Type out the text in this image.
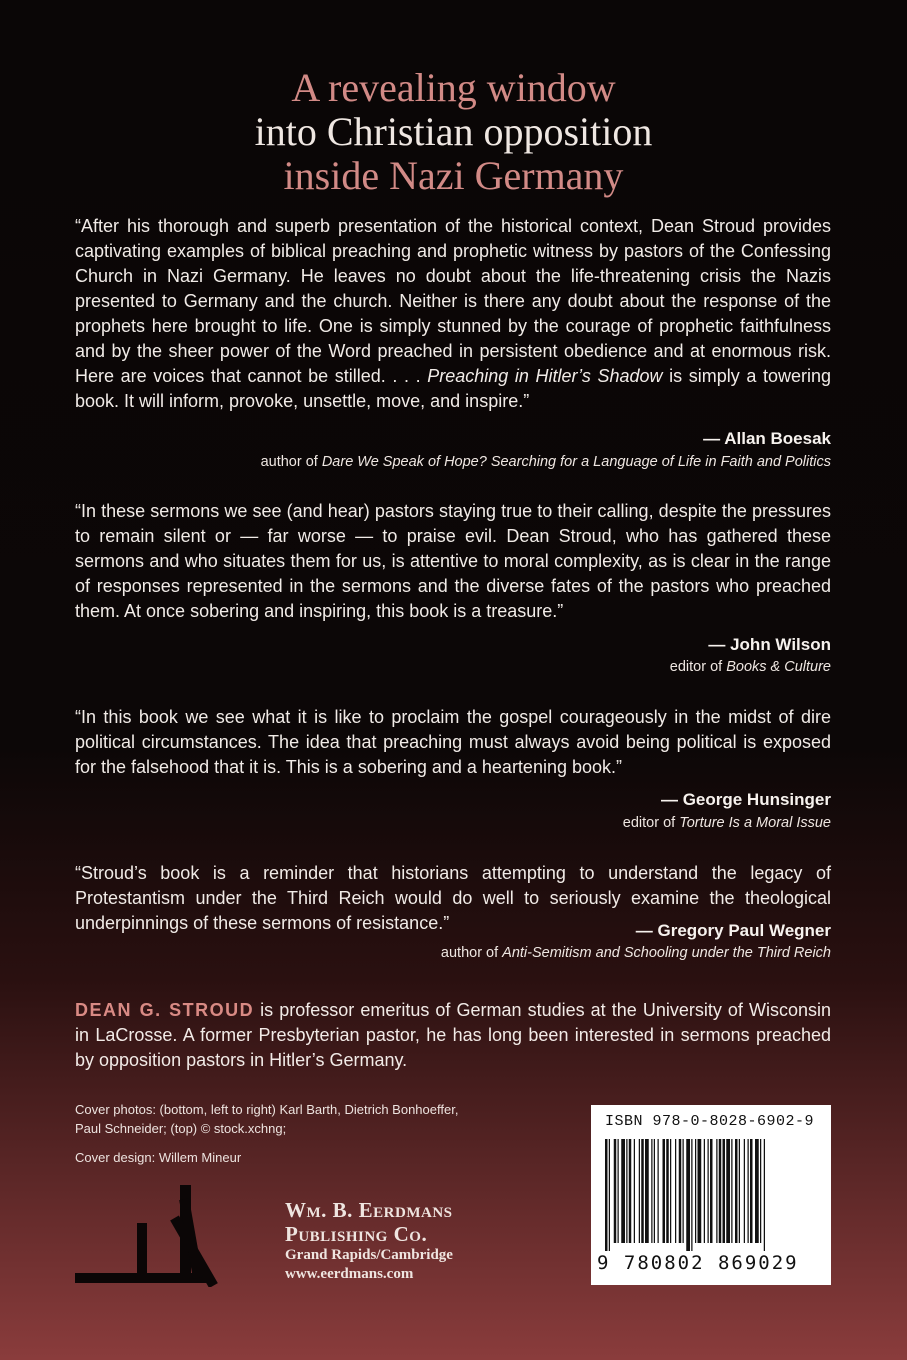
A revealing window
into Christian opposition
inside Nazi Germany
“After his thorough and superb presentation of the historical context, Dean Stroud provides captivating examples of biblical preaching and prophetic witness by pastors of the Confessing Church in Nazi Germany. He leaves no doubt about the life-threatening crisis the Nazis presented to Germany and the church. Neither is there any doubt about the response of the prophets here brought to life. One is simply stunned by the courage of prophetic faithfulness and by the sheer power of the Word preached in persistent obedience and at enormous risk. Here are voices that cannot be stilled. . . . Preaching in Hitler’s Shadow is simply a towering book. It will inform, provoke, unsettle, move, and inspire.”
— Allan Boesak
author of Dare We Speak of Hope? Searching for a Language of Life in Faith and Politics
“In these sermons we see (and hear) pastors staying true to their calling, despite the pressures to remain silent or — far worse — to praise evil. Dean Stroud, who has gathered these sermons and who situates them for us, is attentive to moral complexity, as is clear in the range of responses represented in the sermons and the diverse fates of the pastors who preached them. At once sobering and inspiring, this book is a treasure.”
— John Wilson
editor of Books & Culture
“In this book we see what it is like to proclaim the gospel courageously in the midst of dire political circumstances. The idea that preaching must always avoid being political is exposed for the falsehood that it is. This is a sobering and a heartening book.”
— George Hunsinger
editor of Torture Is a Moral Issue
“Stroud’s book is a reminder that historians attempting to understand the legacy of Protestantism under the Third Reich would do well to seriously examine the theological underpinnings of these sermons of resistance.”	— Gregory Paul Wegner
author of Anti-Semitism and Schooling under the Third Reich
DEAN G. STROUD is professor emeritus of German studies at the University of Wisconsin in LaCrosse. A former Presbyterian pastor, he has long been interested in sermons preached by opposition pastors in Hitler’s Germany.
Cover photos: (bottom, left to right) Karl Barth, Dietrich Bonhoeffer,
Paul Schneider; (top) © stock.xchng;
Cover design: Willem Mineur
Wm. B. Eerdmans
Publishing Co.
Grand Rapids/Cambridge
www.eerdmans.com
ISBN 978-0-8028-6902-9
9 780802 869029
